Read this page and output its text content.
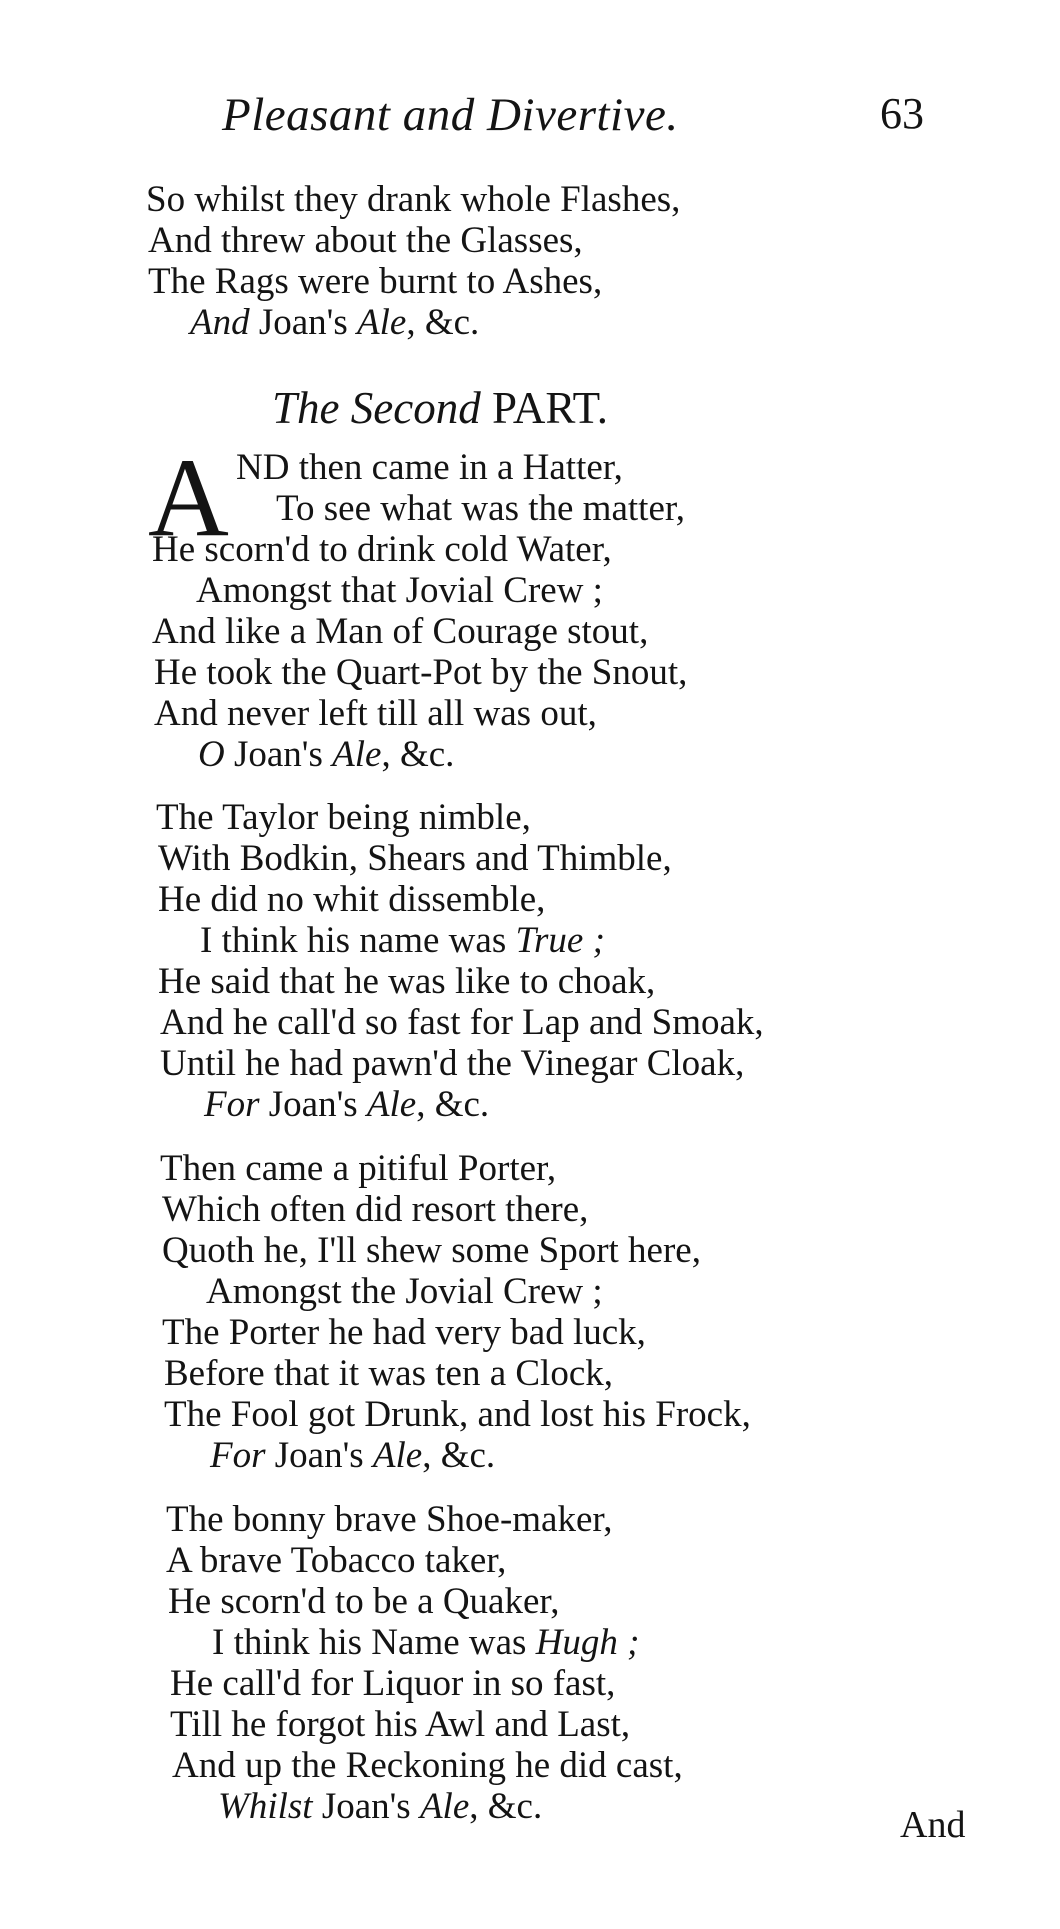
Pleasant and Divertive.	63
So whilst they drank whole Flashes,
And threw about the Glasses,
The Rags were burnt to Ashes,
And Joan's Ale, &c.
The Second PART.
A ND then came in a Hatter,
To see what was the matter,
He scorn'd to drink cold Water,
Amongst that Jovial Crew ;
And like a Man of Courage stout,
He took the Quart-Pot by the Snout,
And never left till all was out,
O Joan's Ale, &c.
The Taylor being nimble,
With Bodkin, Shears and Thimble,
He did no whit dissemble,
I think his name was True ;
He said that he was like to choak,
And he call'd so fast for Lap and Smoak,
Until he had pawn'd the Vinegar Cloak,
For Joan's Ale, &c.
Then came a pitiful Porter,
Which often did resort there,
Quoth he, I'll shew some Sport here,
Amongst the Jovial Crew ;
The Porter he had very bad luck,
Before that it was ten a Clock,
The Fool got Drunk, and lost his Frock,
For Joan's Ale, &c.
The bonny brave Shoe-maker,
A brave Tobacco taker,
He scorn'd to be a Quaker,
I think his Name was Hugh ;
He call'd for Liquor in so fast,
Till he forgot his Awl and Last,
And up the Reckoning he did cast,
Whilst Joan's Ale, &c.	And
